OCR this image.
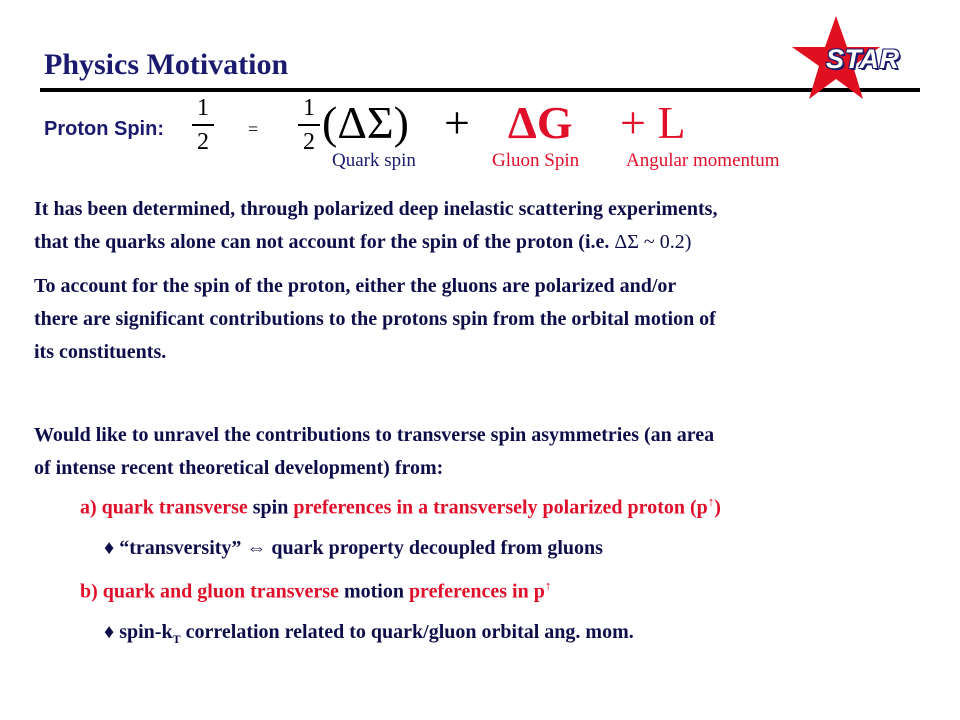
Physics Motivation	STAR
Proton Spin:
1
2 =
1
2 (ΔΣ) + ΔG + L
Quark spin	Gluon Spin Angular momentum
It has been determined, through polarized deep inelastic scattering experiments,
that the quarks alone can not account for the spin of the proton (i.e. ΔΣ ~ 0.2)
To account for the spin of the proton, either the gluons are polarized and/or
there are significant contributions to the protons spin from the orbital motion of
its constituents.
Would like to unravel the contributions to transverse spin asymmetries (an area
of intense recent theoretical development) from:
a) quark transverse spin preferences in a transversely polarized proton (p↑)
♦ “transversity” ⇔ quark property decoupled from gluons
b) quark and gluon transverse motion preferences in p↑
♦ spin-$k_T$ correlation related to quark/gluon orbital ang. mom.
